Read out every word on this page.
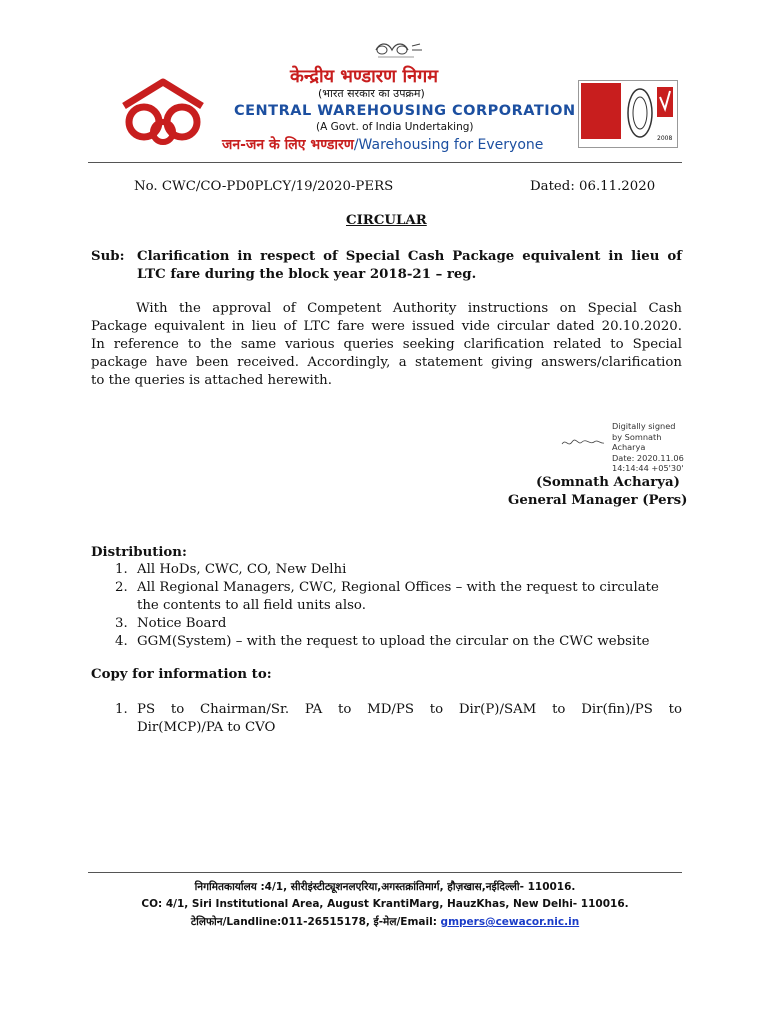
केन्द्रीय भण्डारण निगम
(भारत सरकार का उपक्रम)
CENTRAL WAREHOUSING CORPORATION
(A Govt. of India Undertaking)
जन-जन के लिए भण्डारण/Warehousing for Everyone	2008
No. CWC/CO-PD0PLCY/19/2020-PERS	Dated: 06.11.2020
CIRCULAR
Sub: Clarification in respect of Special Cash Package equivalent in lieu of
LTC fare during the block year 2018-21 – reg.
With the approval of Competent Authority instructions on Special Cash
Package equivalent in lieu of LTC fare were issued vide circular dated 20.10.2020.
In reference to the same various queries seeking clarification related to Special
package have been received. Accordingly, a statement giving answers/clarification
to the queries is attached herewith.
Digitally signed
by Somnath
Acharya
Date: 2020.11.06
14:14:44 +05'30'
(Somnath Acharya)
General Manager (Pers)
Distribution:
1. All HoDs, CWC, CO, New Delhi
2. All Regional Managers, CWC, Regional Offices – with the request to circulate
the contents to all field units also.
3. Notice Board
4. GGM(System) – with the request to upload the circular on the CWC website
Copy for information to:
1. PS to Chairman/Sr. PA to MD/PS to Dir(P)/SAM to Dir(fin)/PS to
Dir(MCP)/PA to CVO
निगमितकार्यालय :4/1, सीरीइंस्टीट्यूशनलएरिया,अगस्तक्रांतिमार्ग, हौज़खास,नईदिल्ली- 110016.
CO: 4/1, Siri Institutional Area, August KrantiMarg, HauzKhas, New Delhi- 110016.
टेलिफोन/Landline:011-26515178, ई-मेल/Email: gmpers@cewacor.nic.in
